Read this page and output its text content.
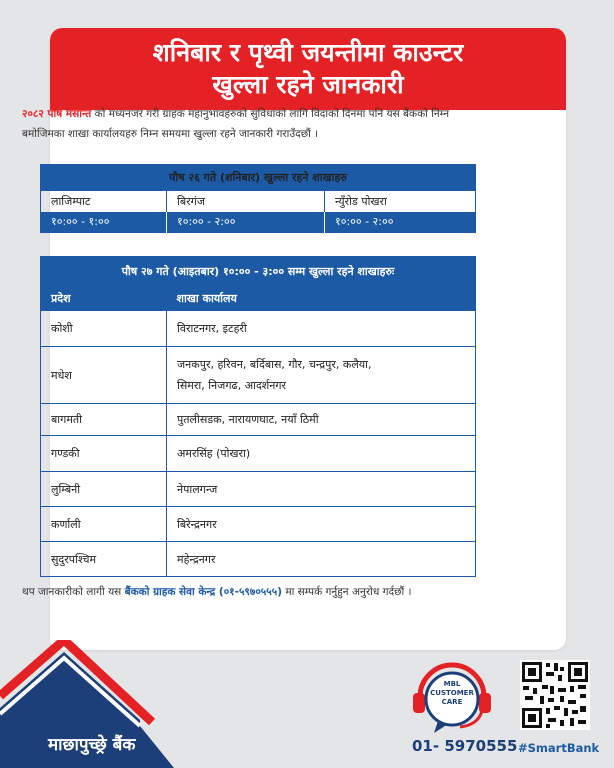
शनिबार र पृथ्वी जयन्तीमा काउन्टर
खुल्ला रहने जानकारी

२०८२ पौष मसान्त को मध्यनजर गरी ग्राहक महानुभावहरुको सुविधाको लागि विदाको दिनमा पनि यस बैंकको निम्न बमोजिमका शाखा कार्यालयहरु निम्न समयमा खुल्ला रहने जानकारी गराउँदछौं ।

पौष २६ गते (शनिबार) खुल्ला रहने शाखाहरु		
लाजिम्पाट	बिरगंज	न्युँरोड पोखरा
१०:०० - १:००	१०:०० - २:००	१०:०० - २:००
पौष २७ गते (आइतबार) १०:०० - ३:०० सम्म खुल्ला रहने शाखाहरुः	
प्रदेश	शाखा कार्यालय
कोशी	विराटनगर, इटहरी
मधेश	जनकपुर, हरिवन, बर्दिबास, गौर, चन्द्रपुर, कलैया,
सिमरा, निजगढ, आदर्शनगर
बागमती	पुतलीसडक, नारायणघाट, नयाँ ठिमी
गण्डकी	अमरसिंह (पोखरा)
लुम्बिनी	नेपालगन्ज
कर्णाली	बिरेन्द्रनगर
सुदुरपश्चिम	महेन्द्रनगर

थप जानकारीको लागी यस बैंकको ग्राहक सेवा केन्द्र (०१-५९७०५५५) मा सम्पर्क गर्नुहुन अनुरोध गर्दछौं ।

माछापुच्छ्रे बैंक
MBL CUSTOMER CARE
01- 5970555 #SmartBank
